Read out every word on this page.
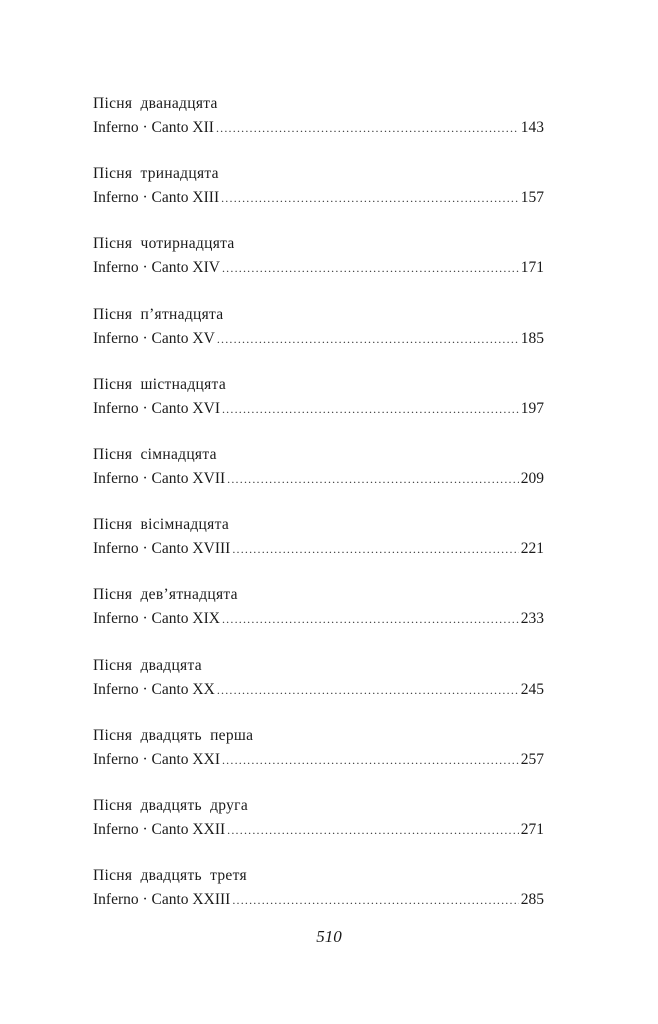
Пісня дванадцята
Inferno · Canto XII .....	143
Пісня тринадцята
Inferno · Canto XIII .....	157
Пісня чотирнадцята
Inferno · Canto XIV .....	171
Пісня п’ятнадцята
Inferno · Canto XV .....	185
Пісня шістнадцята
Inferno · Canto XVI .....	197
Пісня сімнадцята
Inferno · Canto XVII .....	209
Пісня вісімнадцята
Inferno · Canto XVIII .....	221
Пісня дев’ятнадцята
Inferno · Canto XIX .....	233
Пісня двадцята
Inferno · Canto XX .....	245
Пісня двадцять перша
Inferno · Canto XXI .....	257
Пісня двадцять друга
Inferno · Canto XXII .....	271
Пісня двадцять третя
Inferno · Canto XXIII .....	285
510
